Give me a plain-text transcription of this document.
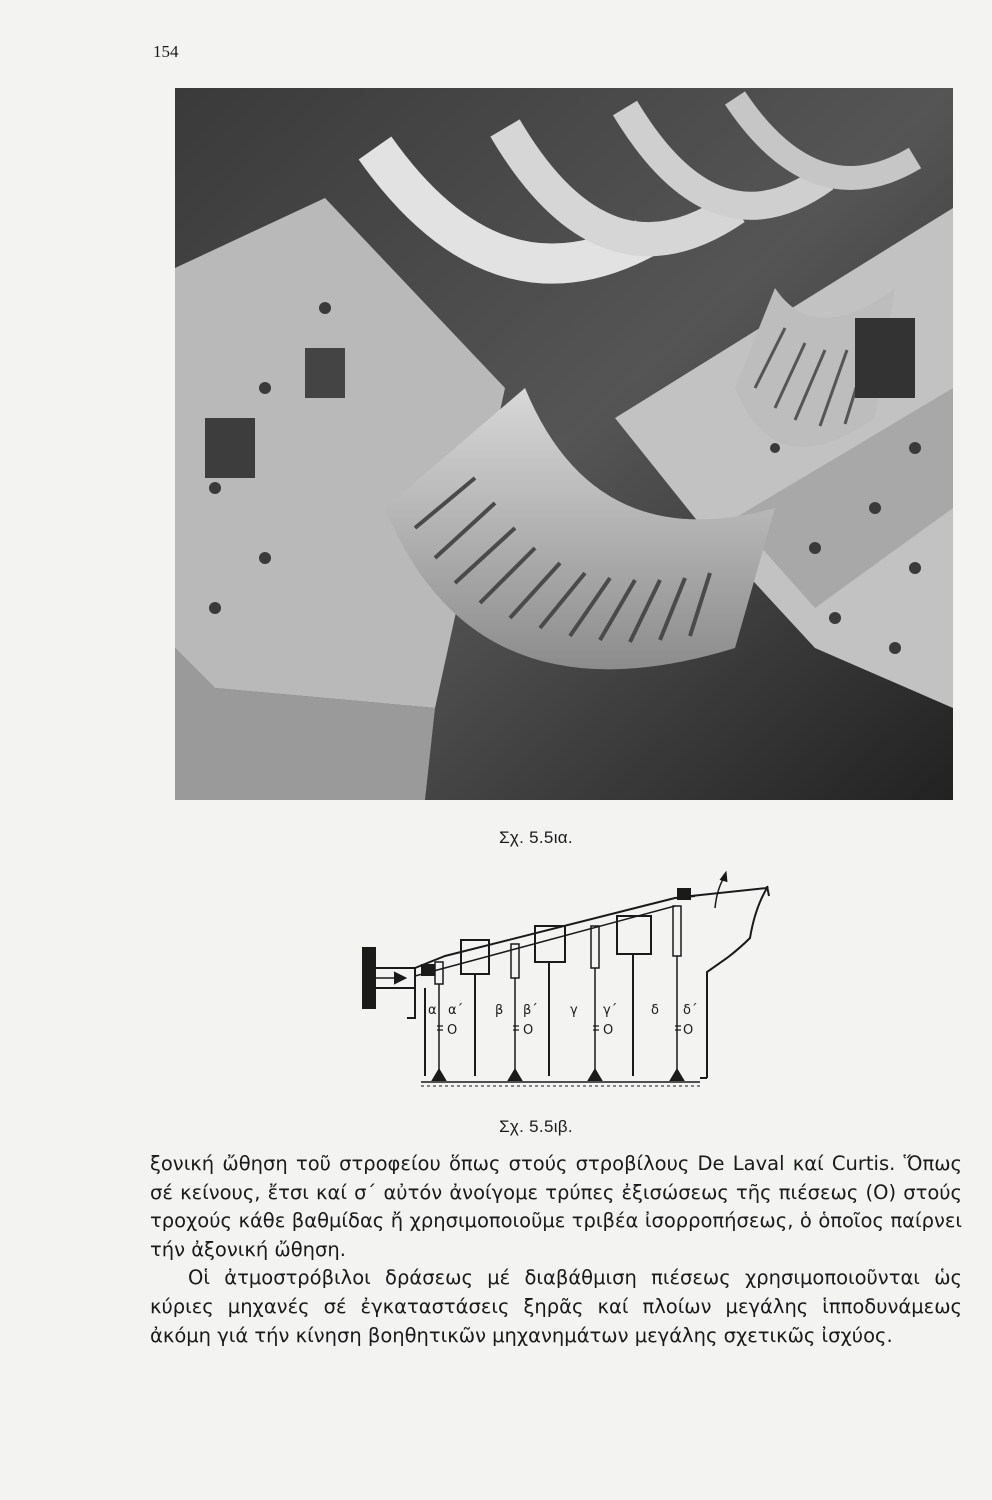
154
Σχ. 5.5ια.
α α΄ β β΄ γ γ΄	δ δ΄
O	O	O	O
Σχ. 5.5ιβ.

ξονική ὤθηση τοῦ στροφείου ὅπως στούς στροβίλους De Laval καί Curtis. Ὅπως σέ κείνους, ἔτσι καί σ΄ αὐτόν ἀνοίγομε τρύπες ἐξισώσεως τῆς πιέσεως (O) στούς τροχούς κάθε βαθμίδας ἤ χρησιμοποιοῦμε τριβέα ἰσορροπήσεως, ὁ ὁποῖος παίρνει τήν ἀξονική ὤθηση.

Οἱ ἀτμοστρόβιλοι δράσεως μέ διαβάθμιση πιέσεως χρησιμοποιοῦνται ὡς κύριες μηχανές σέ ἐγκαταστάσεις ξηρᾶς καί πλοίων μεγάλης ἱπποδυνάμεως ἀκόμη γιά τήν κίνηση βοηθητικῶν μηχανημάτων μεγάλης σχετικῶς ἰσχύος.
